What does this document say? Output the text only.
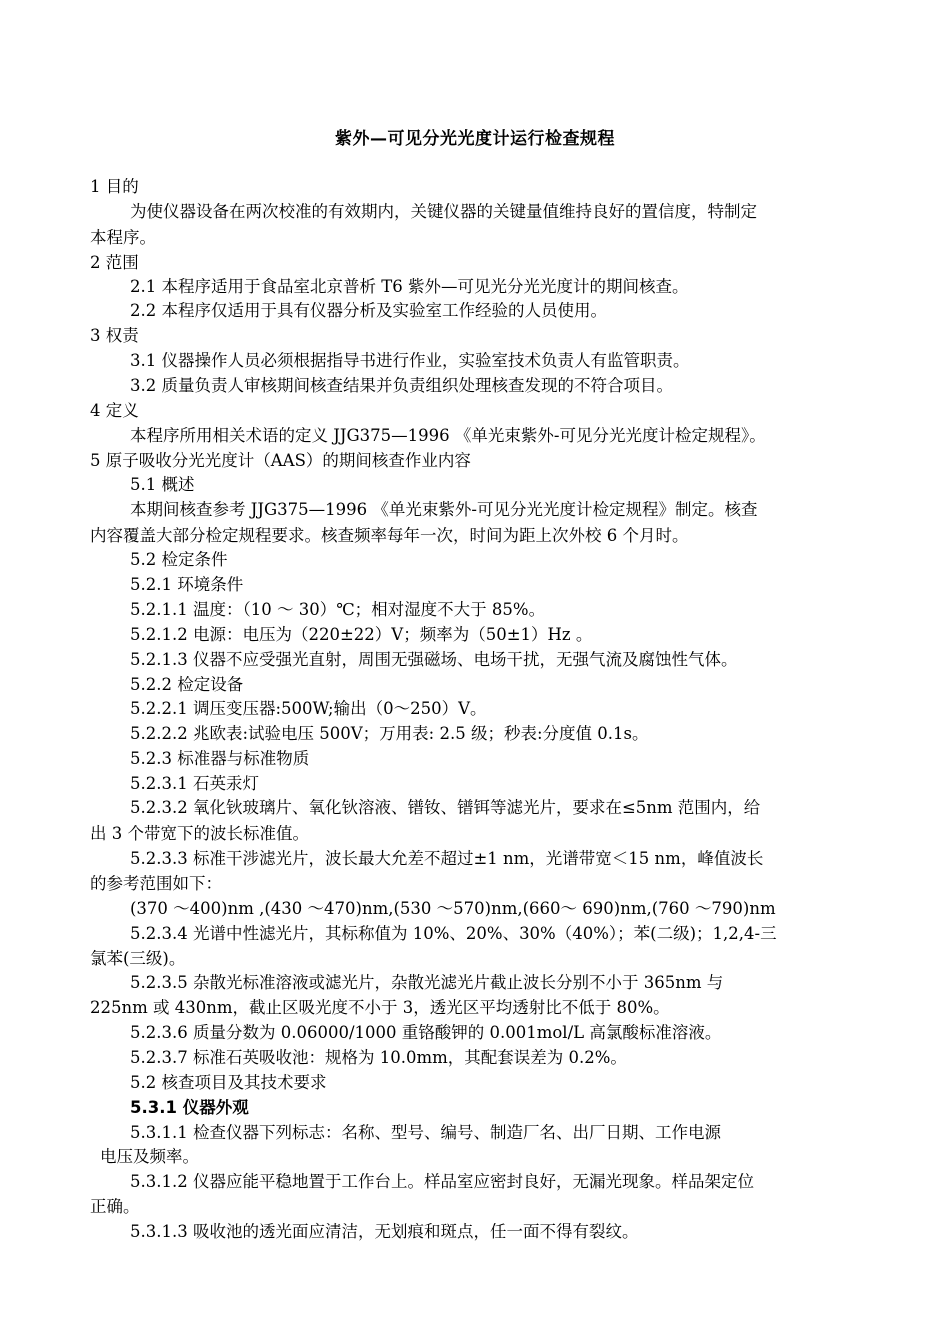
紫外—可见分光光度计运行检查规程
1 目的
为使仪器设备在两次校准的有效期内，关键仪器的关键量值维持良好的置信度，特制定
本程序。
2 范围
2.1 本程序适用于食品室北京普析 T6 紫外—可见光分光光度计的期间核查。
2.2 本程序仅适用于具有仪器分析及实验室工作经验的人员使用。
3 权责
3.1 仪器操作人员必须根据指导书进行作业，实验室技术负责人有监管职责。
3.2 质量负责人审核期间核查结果并负责组织处理核查发现的不符合项目。
4 定义
本程序所用相关术语的定义 JJG375—1996 《单光束紫外-可见分光光度计检定规程》。
5 原子吸收分光光度计（AAS）的期间核查作业内容
5.1 概述
本期间核查参考 JJG375—1996 《单光束紫外-可见分光光度计检定规程》制定。核查
内容覆盖大部分检定规程要求。核查频率每年一次，时间为距上次外校 6 个月时。
5.2 检定条件
5.2.1 环境条件
5.2.1.1 温度：（10 ～ 30）℃；相对湿度不大于 85%。
5.2.1.2 电源：电压为（220±22）V；频率为（50±1）Hz 。
5.2.1.3 仪器不应受强光直射，周围无强磁场、电场干扰，无强气流及腐蚀性气体。
5.2.2 检定设备
5.2.2.1 调压变压器:500W;输出（0～250）V。
5.2.2.2 兆欧表:试验电压 500V；万用表: 2.5 级；秒表:分度值 0.1s。
5.2.3 标准器与标准物质
5.2.3.1 石英汞灯
5.2.3.2 氧化钬玻璃片、氧化钬溶液、镨钕、镨铒等滤光片，要求在≤5nm 范围内，给
出 3 个带宽下的波长标准值。
5.2.3.3 标准干涉滤光片，波长最大允差不超过±1 nm，光谱带宽＜15 nm，峰值波长
的参考范围如下：
(370 ～400)nm ,(430 ～470)nm,(530 ～570)nm,(660～ 690)nm,(760 ～790)nm
5.2.3.4 光谱中性滤光片，其标称值为 10%、20%、30%（40%）；苯(二级)；1,2,4-三
氯苯(三级)。
5.2.3.5 杂散光标准溶液或滤光片，杂散光滤光片截止波长分别不小于 365nm 与
225nm 或 430nm，截止区吸光度不小于 3，透光区平均透射比不低于 80%。
5.2.3.6 质量分数为 0.06000/1000 重铬酸钾的 0.001mol/L 高氯酸标准溶液。
5.2.3.7 标准石英吸收池：规格为 10.0mm，其配套误差为 0.2%。
5.2 核查项目及其技术要求
5.3.1 仪器外观
5.3.1.1 检查仪器下列标志：名称、型号、编号、制造厂名、出厂日期、工作电源
电压及频率。
5.3.1.2 仪器应能平稳地置于工作台上。样品室应密封良好，无漏光现象。样品架定位
正确。
5.3.1.3 吸收池的透光面应清洁，无划痕和斑点，任一面不得有裂纹。
